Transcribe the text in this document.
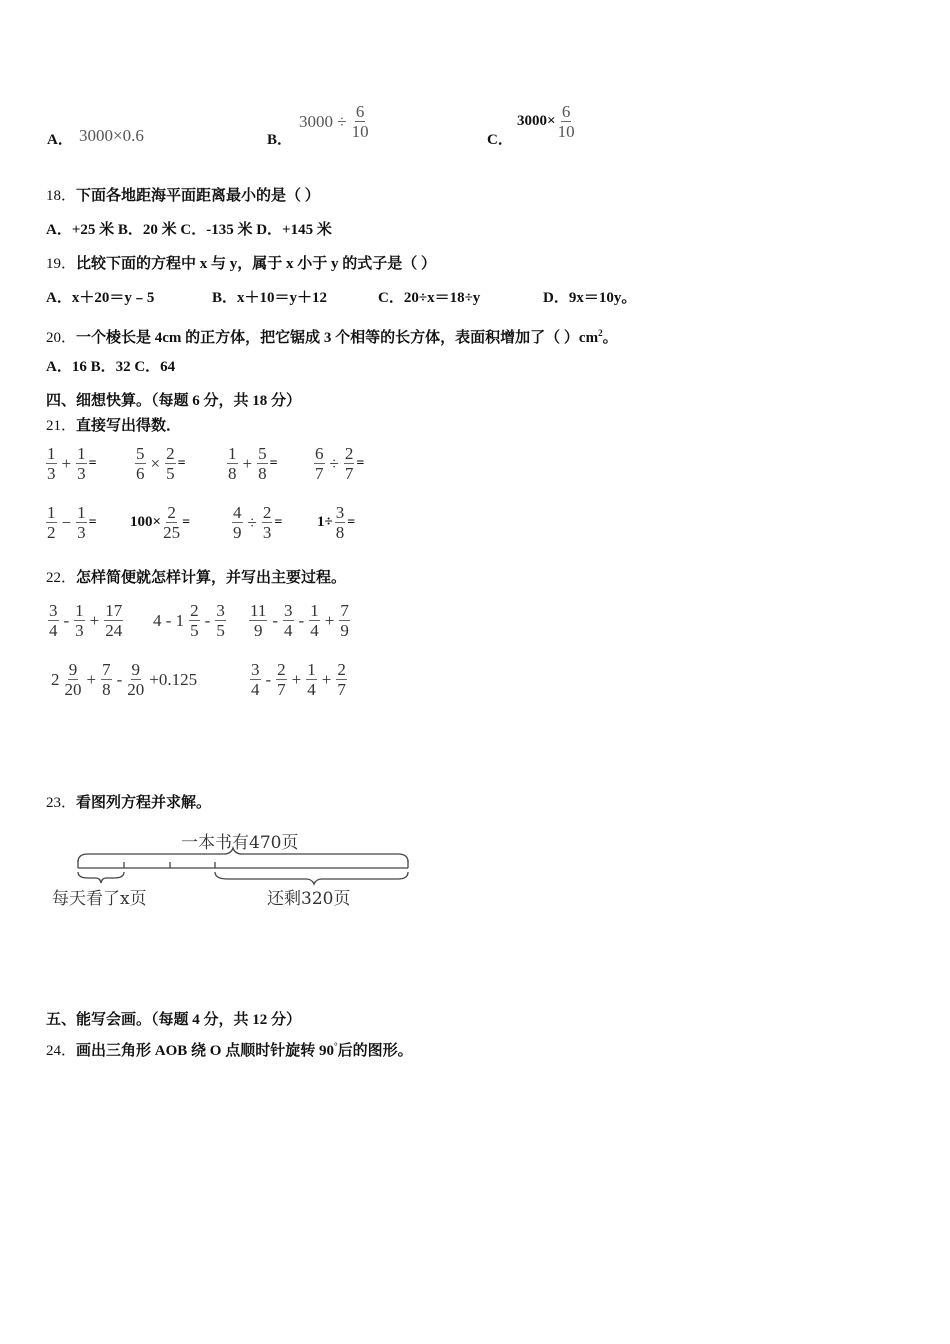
A． 3000×0.6	B．
$3000 \div \frac{6}{10}$	C．
$3000\times \frac{6}{10}$
18．下面各地距海平面距离最小的是（ ）
A．+25 米 B．20 米 C．-135 米 D．+145 米
19．比较下面的方程中 x 与 y，属于 x 小于 y 的式子是（ ）
A．x＋20＝y﹣5	B．x＋10＝y＋12	C．20÷x＝18÷y	D．9x＝10y。
20．一个棱长是 4cm 的正方体，把它锯成 3 个相等的长方体，表面积增加了（ ）$cm^2$。
A．16 B．32 C．64
四、细想快算。（每题 6 分，共 18 分）
21．直接写出得数．
$\frac{1}{3} + \frac{1}{3} = \frac{5}{6} \times \frac{2}{5} = \frac{1}{8} + \frac{5}{8} = \frac{6}{7} \div \frac{2}{7}$ =
$\frac{1}{2} - \frac{1}{3} = 100\times \frac{2}{25} = \frac{4}{9} \div \frac{2}{3} = 1\div \frac{3}{8}$ =
22．怎样简便就怎样计算，并写出主要过程。
$\frac{3}{4} - \frac{1}{3} + \frac{17}{24} 4 - 1 \frac{2}{5} - \frac{3}{5} \frac{11}{9} - \frac{3}{4} - \frac{1}{4} + \frac{7}{9}$
$2 \frac{9}{20} + \frac{7}{8} - \frac{9}{20} +0.125$	$\frac{3}{4} - \frac{2}{7} + \frac{1}{4} + \frac{2}{7}$
23．看图列方程并求解。
一本书有470页
每天看了x页	还剩320页
五、能写会画。（每题 4 分，共 12 分）
24．画出三角形 AOB 绕 O 点顺时针旋转 90°后的图形。
